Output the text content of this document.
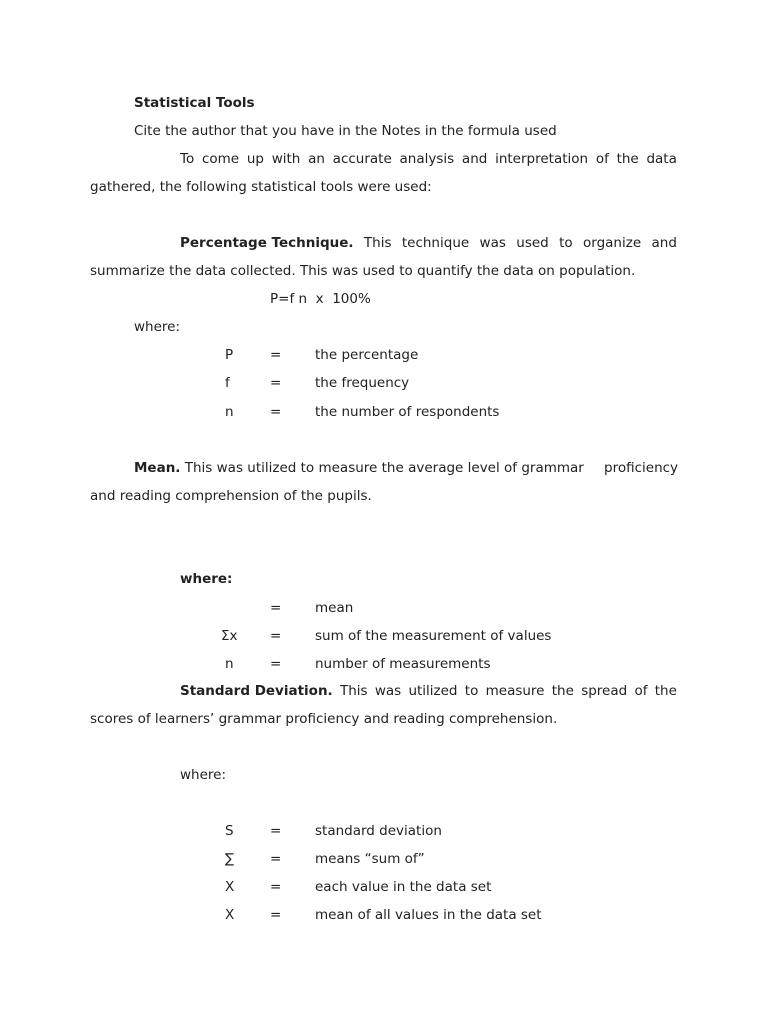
Statistical Tools
Cite the author that you have in the Notes in the formula used
To come up with an accurate analysis and interpretation of the data
gathered, the following statistical tools were used:
Percentage Technique. This technique was used to organize and
summarize the data collected. This was used to quantify the data on population.
P=f n  x  100%
where:
P	= the percentage
f	= the frequency
n	= the number of respondents
Mean. This was utilized to measure the average level of grammar proficiency
and reading comprehension of the pupils.
where:
= mean
Σx = sum of the measurement of values
n	= number of measurements
Standard Deviation. This was utilized to measure the spread of the
scores of learners’ grammar proficiency and reading comprehension.
where:
S	= standard deviation
∑	= means “sum of”
X	= each value in the data set
X	= mean of all values in the data set
